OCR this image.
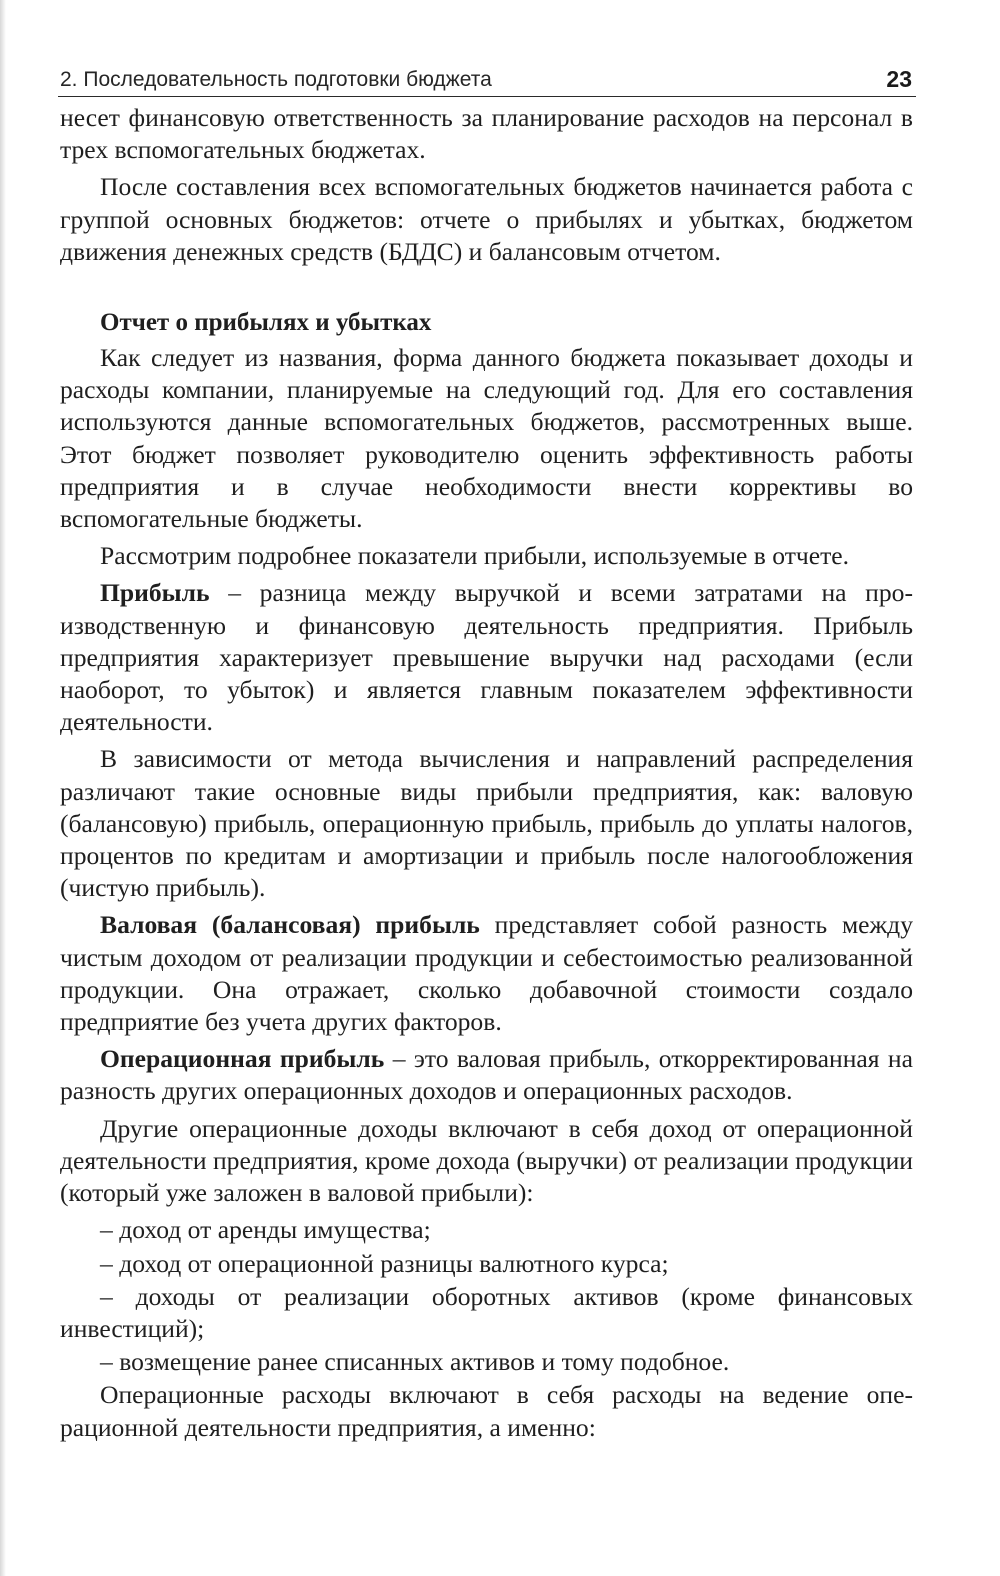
2. Последовательность подготовки бюджета	23

несет финансовую ответственность за планирование расходов на персонал в трех вспомогательных бюджетах.

После составления всех вспомогательных бюджетов начинается работа с группой основных бюджетов: отчете о прибылях и убытках, бюджетом движения денежных средств (БДДС) и балансовым отчетом.

Отчет о прибылях и убытках

Как следует из названия, форма данного бюджета показывает доходы и расходы компании, планируемые на следующий год. Для его составления используются данные вспомогательных бюджетов, рассмотренных выше. Этот бюджет позволяет руководителю оценить эффективность работы предприятия и в случае необходимости внести коррективы во вспомогательные бюджеты.

Рассмотрим подробнее показатели прибыли, используемые в отчете.

Прибыль – разница между выручкой и всеми затратами на производственную и финансовую деятельность предприятия. Прибыль предприятия характеризует превышение выручки над расходами (если наоборот, то убыток) и является главным показателем эффективности деятельности.

В зависимости от метода вычисления и направлений распределения различают такие основные виды прибыли предприятия, как: валовую (балансовую) прибыль, операционную прибыль, прибыль до уплаты налогов, процентов по кредитам и амортизации и прибыль после налогообложения (чистую прибыль).

Валовая (балансовая) прибыль представляет собой разность между чистым доходом от реализации продукции и себестоимостью реализованной продукции. Она отражает, сколько добавочной стоимости создало предприятие без учета других факторов.

Операционная прибыль – это валовая прибыль, откорректированная на разность других операционных доходов и операционных расходов.

Другие операционные доходы включают в себя доход от операционной деятельности предприятия, кроме дохода (выручки) от реализации продукции (который уже заложен в валовой прибыли):

– доход от аренды имущества;

– доход от операционной разницы валютного курса;

– доходы от реализации оборотных активов (кроме финансовых инвестиций);

– возмещение ранее списанных активов и тому подобное.

Операционные расходы включают в себя расходы на ведение операционной деятельности предприятия, а именно:
